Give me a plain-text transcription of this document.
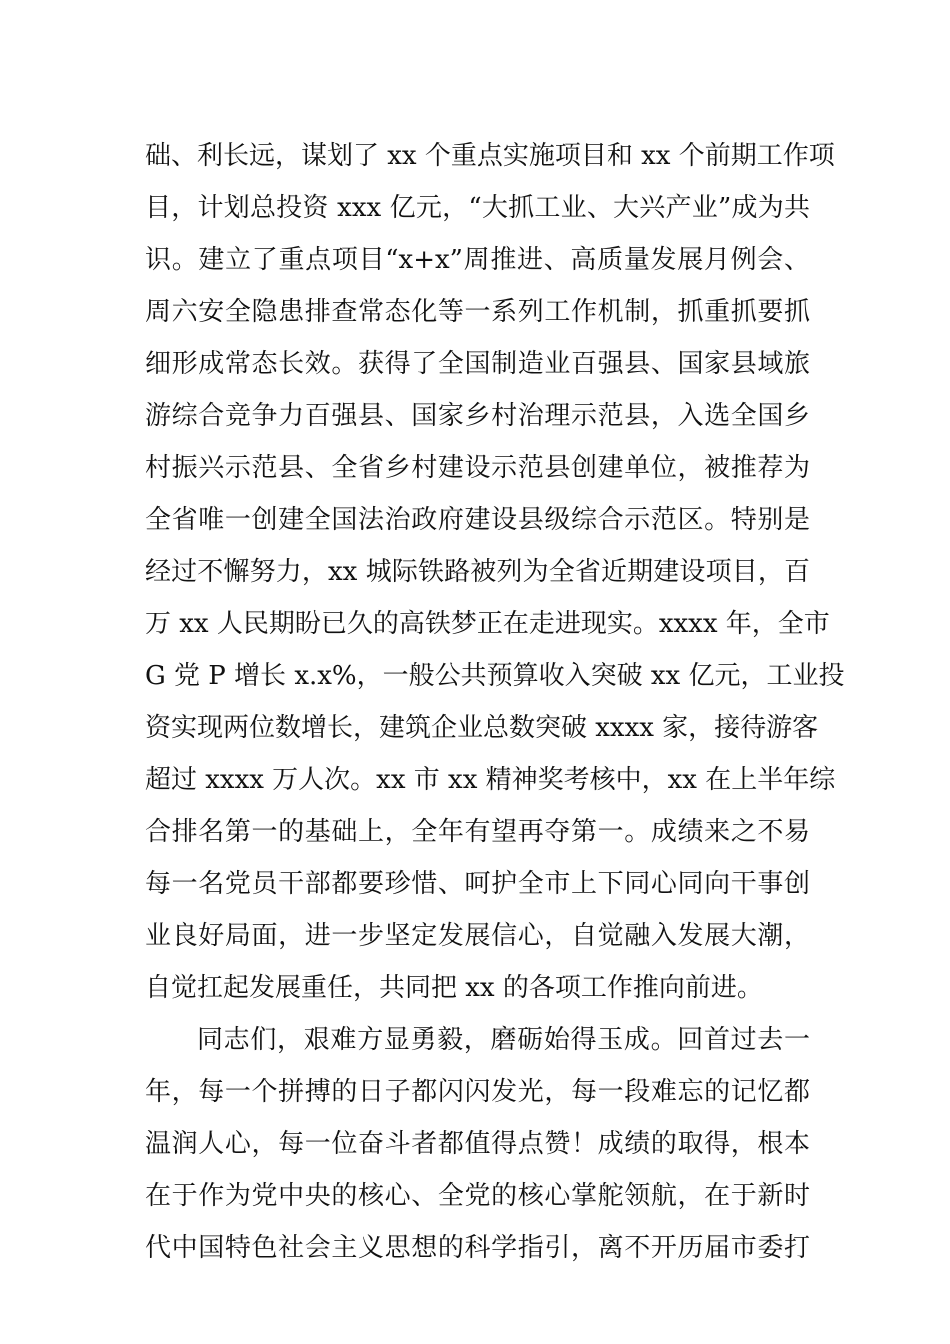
础、利长远，谋划了 xx 个重点实施项目和 xx 个前期工作项
目，计划总投资 xxx 亿元，“大抓工业、大兴产业”成为共
识。建立了重点项目“x+x”周推进、高质量发展月例会、
周六安全隐患排查常态化等一系列工作机制，抓重抓要抓
细形成常态长效。获得了全国制造业百强县、国家县域旅
游综合竞争力百强县、国家乡村治理示范县，入选全国乡
村振兴示范县、全省乡村建设示范县创建单位，被推荐为
全省唯一创建全国法治政府建设县级综合示范区。特别是
经过不懈努力，xx 城际铁路被列为全省近期建设项目，百
万 xx 人民期盼已久的高铁梦正在走进现实。xxxx 年，全市
G 党 P 增长 x.x%，一般公共预算收入突破 xx 亿元，工业投
资实现两位数增长，建筑企业总数突破 xxxx 家，接待游客
超过 xxxx 万人次。xx 市 xx 精神奖考核中，xx 在上半年综
合排名第一的基础上，全年有望再夺第一。成绩来之不易
每一名党员干部都要珍惜、呵护全市上下同心同向干事创
业良好局面，进一步坚定发展信心，自觉融入发展大潮，
自觉扛起发展重任，共同把 xx 的各项工作推向前进。
同志们，艰难方显勇毅，磨砺始得玉成。回首过去一
年，每一个拼搏的日子都闪闪发光，每一段难忘的记忆都
温润人心，每一位奋斗者都值得点赞！成绩的取得，根本
在于作为党中央的核心、全党的核心掌舵领航，在于新时
代中国特色社会主义思想的科学指引，离不开历届市委打
